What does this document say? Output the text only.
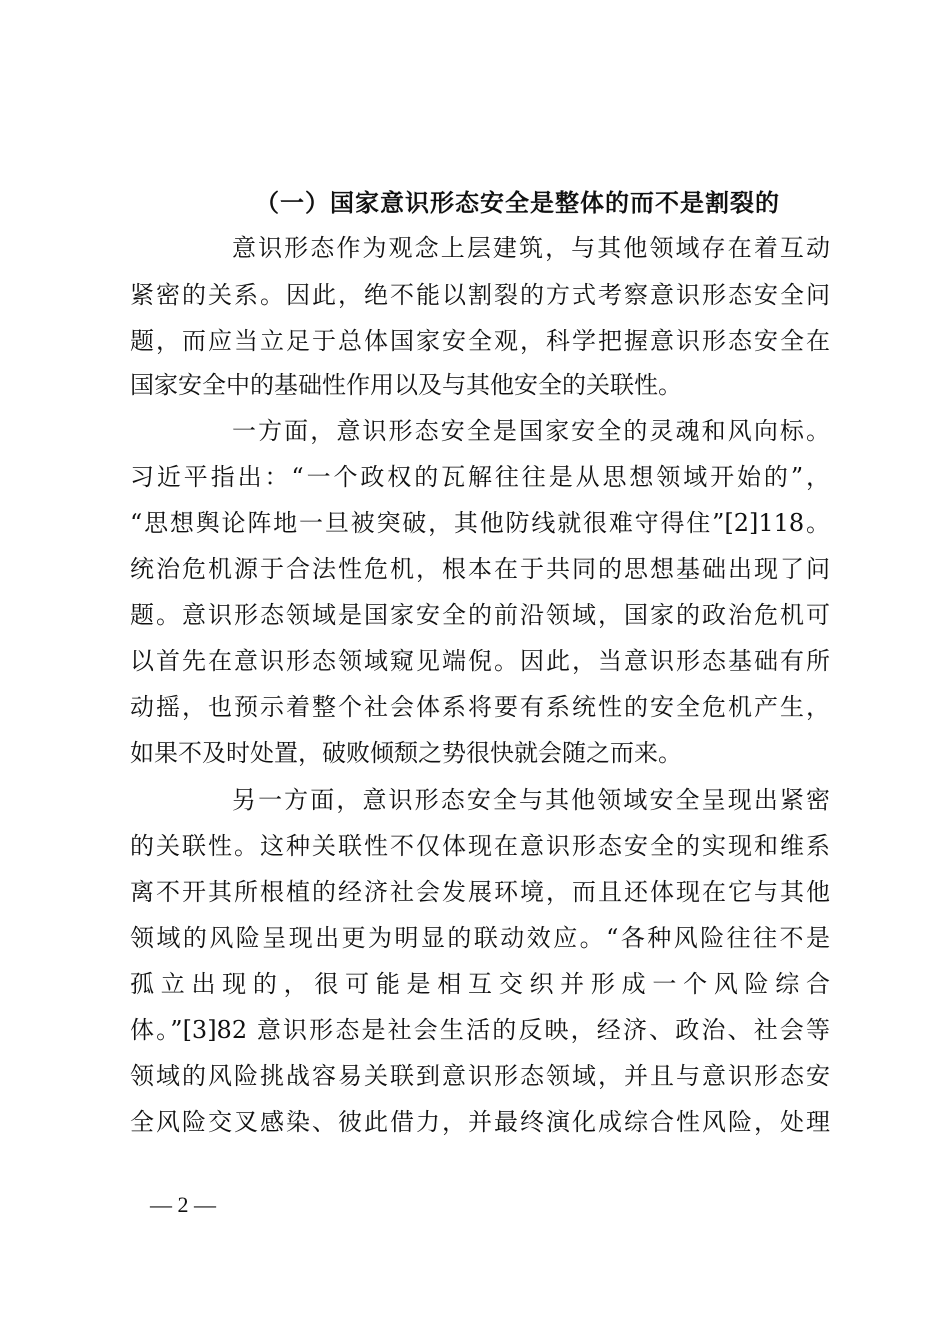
（一）国家意识形态安全是整体的而不是割裂的
意识形态作为观念上层建筑，与其他领域存在着互动
紧密的关系。因此，绝不能以割裂的方式考察意识形态安全问
题，而应当立足于总体国家安全观，科学把握意识形态安全在
国家安全中的基础性作用以及与其他安全的关联性。
一方面，意识形态安全是国家安全的灵魂和风向标。
习近平指出：“一个政权的瓦解往往是从思想领域开始的”，
“思想舆论阵地一旦被突破，其他防线就很难守得住”[2]118。
统治危机源于合法性危机，根本在于共同的思想基础出现了问
题。意识形态领域是国家安全的前沿领域，国家的政治危机可
以首先在意识形态领域窥见端倪。因此，当意识形态基础有所
动摇，也预示着整个社会体系将要有系统性的安全危机产生，
如果不及时处置，破败倾颓之势很快就会随之而来。
另一方面，意识形态安全与其他领域安全呈现出紧密
的关联性。这种关联性不仅体现在意识形态安全的实现和维系
离不开其所根植的经济社会发展环境，而且还体现在它与其他
领域的风险呈现出更为明显的联动效应。“各种风险往往不是
孤立出现的，很可能是相互交织并形成一个风险综合
体。”[3]82 意识形态是社会生活的反映，经济、政治、社会等
领域的风险挑战容易关联到意识形态领域，并且与意识形态安
全风险交叉感染、彼此借力，并最终演化成综合性风险，处理
— 2 —
